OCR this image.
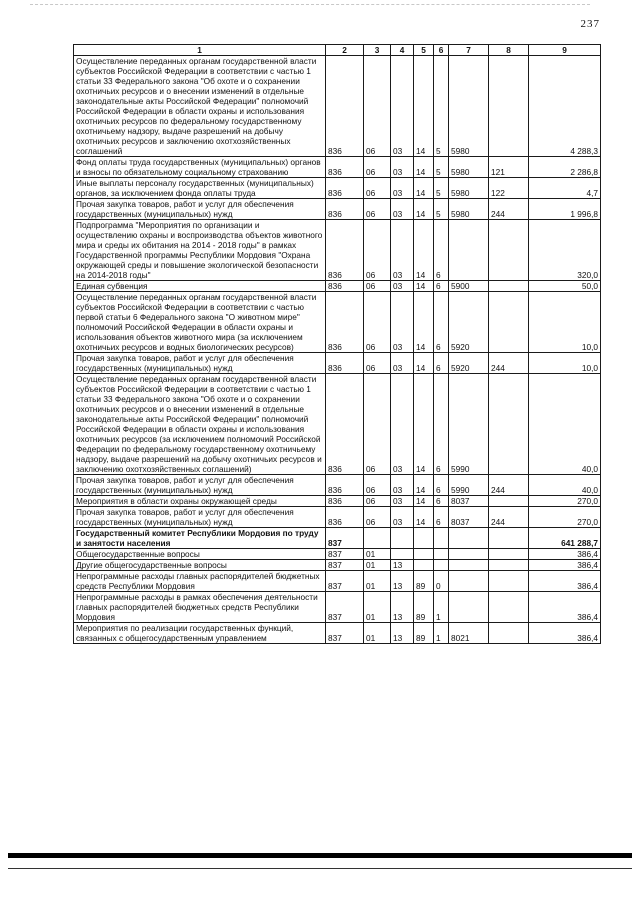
237
1	2	3	4	5	6	7	8	9
Осуществление переданных органам государственной власти субъектов Российской Федерации в соответствии с частью 1 статьи 33 Федерального закона "Об охоте и о сохранении охотничьих ресурсов и о внесении изменений в отдельные законодательные акты Российской Федерации" полномочий Российской Федерации в области охраны и использования охотничьих ресурсов по федеральному государственному охотничьему надзору, выдаче разрешений на добычу охотничьих ресурсов и заключению охотхозяйственных соглашений	836	06	03	14	5	5980		4 288,3
Фонд оплаты труда государственных (муниципальных) органов и взносы по обязательному социальному страхованию	836	06	03	14	5	5980	121	2 286,8
Иные выплаты персоналу государственных (муниципальных) органов, за исключением фонда оплаты труда	836	06	03	14	5	5980	122	4,7
Прочая закупка товаров, работ и услуг для обеспечения государственных (муниципальных) нужд	836	06	03	14	5	5980	244	1 996,8
Подпрограмма "Мероприятия по организации и осуществлению охраны и воспроизводства объектов животного мира и среды их обитания на 2014 - 2018 годы" в рамках Государственной программы Республики Мордовия "Охрана окружающей среды и повышение экологической безопасности на 2014-2018 годы"	836	06	03	14	6			320,0
Единая субвенция	836	06	03	14	6	5900		50,0
Осуществление переданных органам государственной власти субъектов Российской Федерации в соответствии с частью первой статьи 6 Федерального закона "О животном мире" полномочий Российской Федерации в области охраны и использования объектов животного мира (за исключением охотничьих ресурсов и водных биологических ресурсов)	836	06	03	14	6	5920		10,0
Прочая закупка товаров, работ и услуг для обеспечения государственных (муниципальных) нужд	836	06	03	14	6	5920	244	10,0
Осуществление переданных органам государственной власти субъектов Российской Федерации в соответствии с частью 1 статьи 33 Федерального закона "Об охоте и о сохранении охотничьих ресурсов и о внесении изменений в отдельные законодательные акты Российской Федерации" полномочий Российской Федерации в области охраны и использования охотничьих ресурсов (за исключением полномочий Российской Федерации по федеральному государственному охотничьему надзору, выдаче разрешений на добычу охотничьих ресурсов и заключению охотхозяйственных соглашений)	836	06	03	14	6	5990		40,0
Прочая закупка товаров, работ и услуг для обеспечения государственных (муниципальных) нужд	836	06	03	14	6	5990	244	40,0
Мероприятия в области охраны окружающей среды	836	06	03	14	6	8037		270,0
Прочая закупка товаров, работ и услуг для обеспечения государственных (муниципальных) нужд	836	06	03	14	6	8037	244	270,0
Государственный комитет Республики Мордовия по труду и занятости населения	837							641 288,7
Общегосударственные вопросы	837	01						386,4
Другие общегосударственные вопросы	837	01	13					386,4
Непрограммные расходы главных распорядителей бюджетных средств Республики Мордовия	837	01	13	89	0			386,4
Непрограммные расходы в рамках обеспечения деятельности главных распорядителей бюджетных средств Республики Мордовия	837	01	13	89	1			386,4
Мероприятия по реализации государственных функций, связанных с общегосударственным управлением	837	01	13	89	1	8021		386,4
